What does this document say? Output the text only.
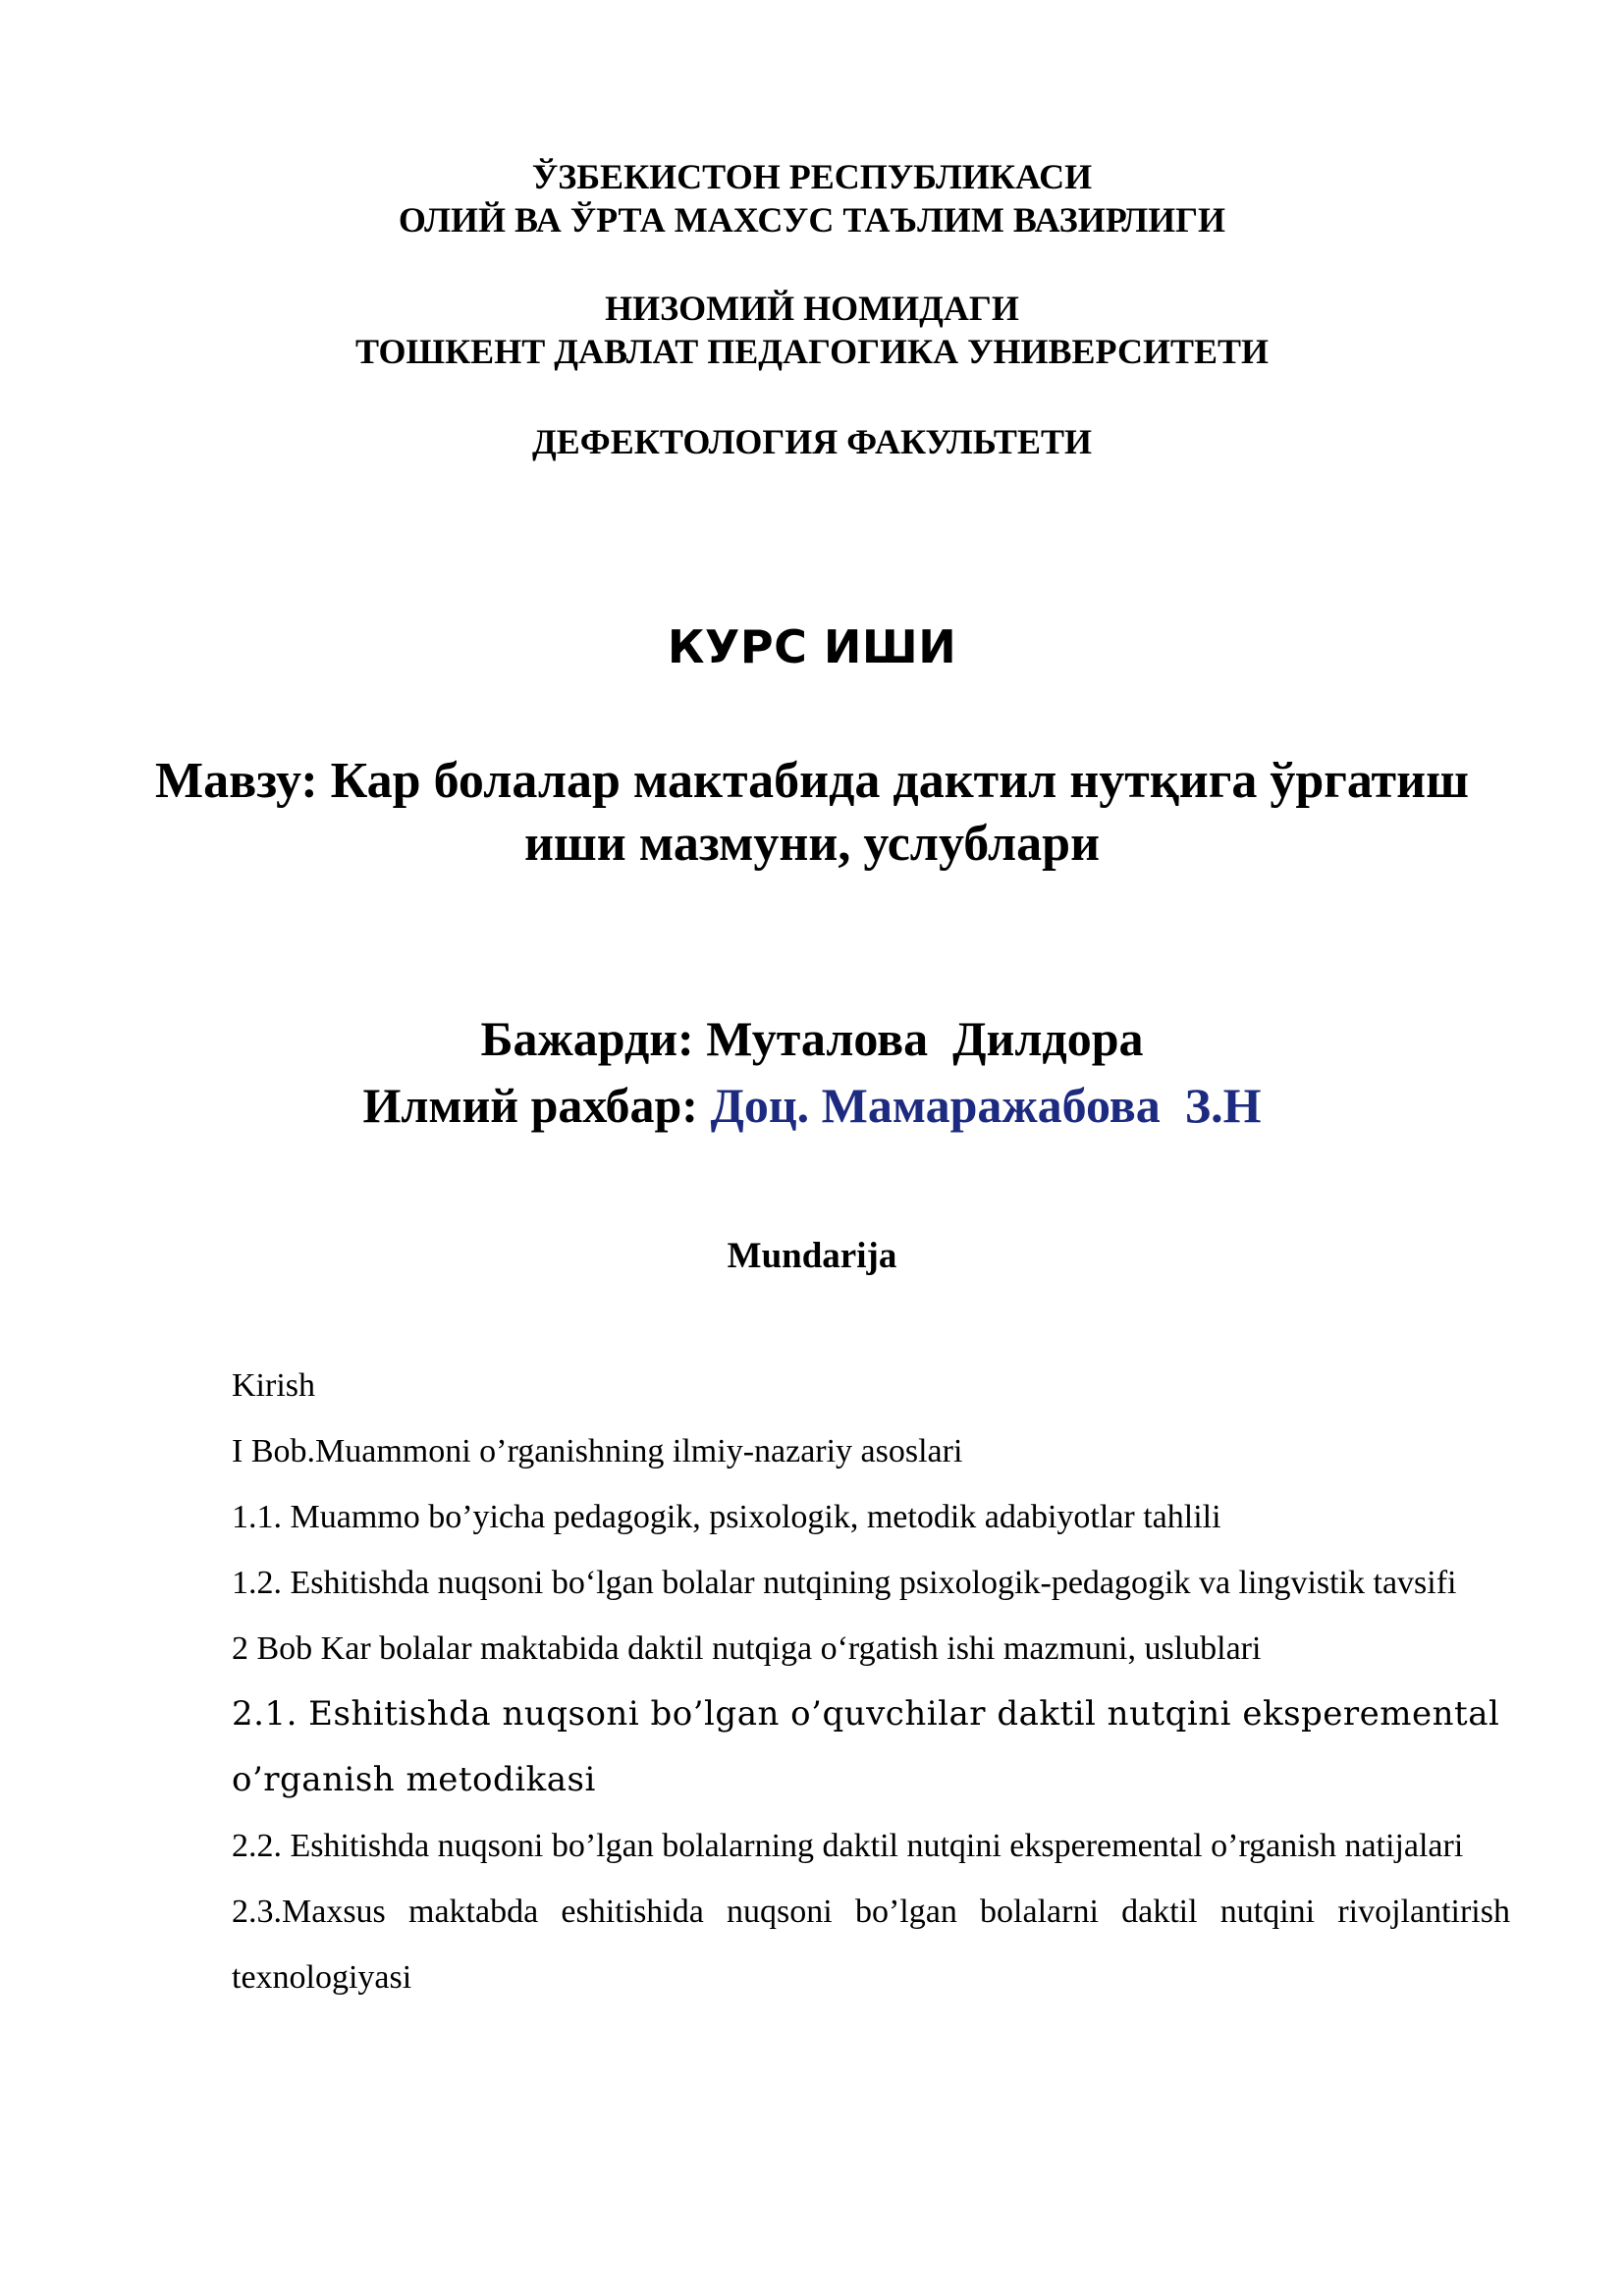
ЎЗБЕКИСТОН РЕСПУБЛИКАСИ
ОЛИЙ ВА ЎРТА МАХСУС ТАЪЛИМ ВАЗИРЛИГИ
НИЗОМИЙ НОМИДАГИ
ТОШКЕНТ ДАВЛАТ ПЕДАГОГИКА УНИВЕРСИТЕТИ
ДЕФЕКТОЛОГИЯ ФАКУЛЬТЕТИ
КУРС ИШИ
Мавзу: Кар болалар мактабида дактил нутқига ўргатиш
иши мазмуни, услублари
Бажарди: Муталова  Дилдора
Илмий рахбар: Доц. Мамаражабова  З.Н
Mundarija

Kirish

I Bob.Muammoni o’rganishning ilmiy-nazariy asoslari

1.1. Muammo bo’yicha pedagogik, psixologik, metodik adabiyotlar tahlili

1.2. Eshitishda nuqsoni bo‘lgan bolalar nutqining psixologik-pedagogik va lingvistik tavsifi

2 Bob Kar bolalar maktabida daktil nutqiga o‘rgatish ishi mazmuni, uslublari

2.1. Eshitishda nuqsoni bo’lgan o’quvchilar daktil nutqini eksperemental o’rganish metodikasi

2.2. Eshitishda nuqsoni bo’lgan bolalarning daktil nutqini eksperemental o’rganish natijalari

2.3.Maxsus maktabda eshitishida nuqsoni bo’lgan bolalarni daktil nutqini rivojlantirish texnologiyasi
